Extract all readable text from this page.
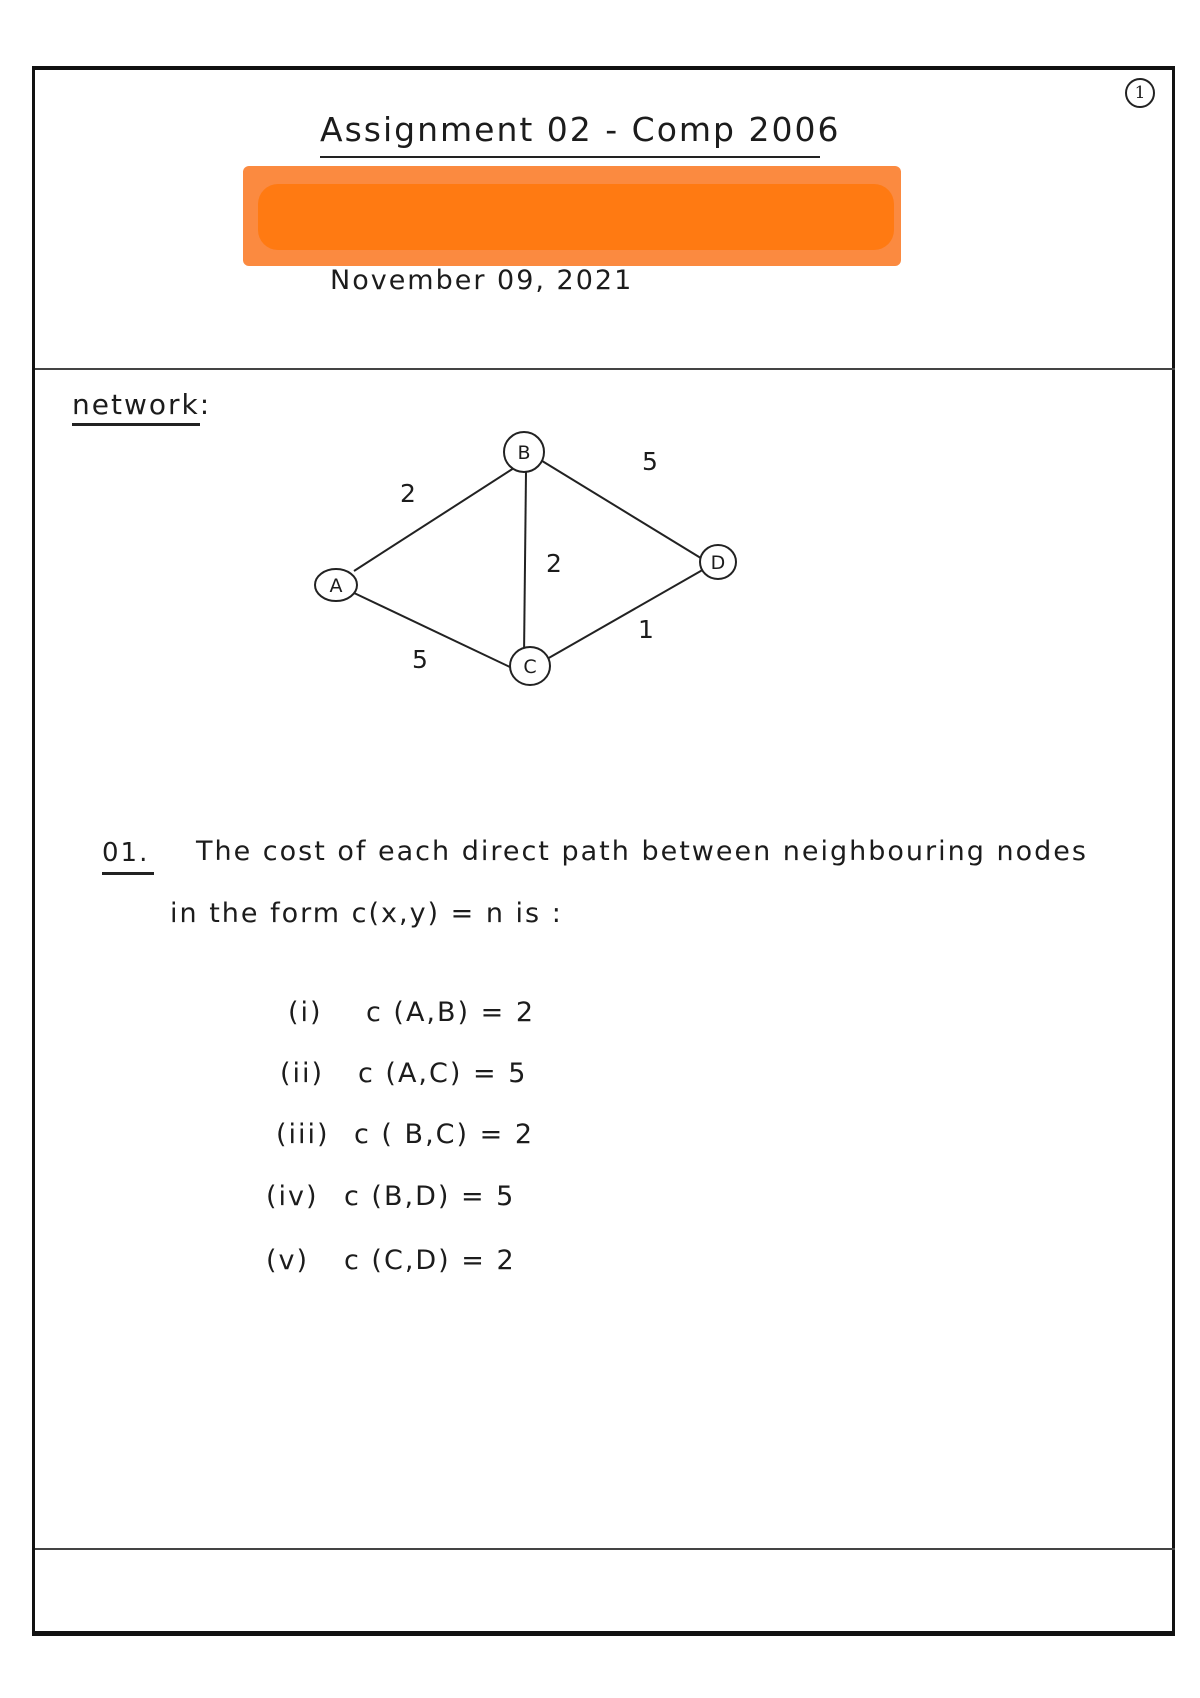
1
Assignment 02 - Comp 2006
November 09, 2021
network:
A
B
C
D
2
5
2
5
1
01. The cost of each direct path between neighbouring nodes
in the form c(x,y) = n is :
(i) c (A,B) = 2
(ii) c (A,C) = 5
(iii) c ( B,C) = 2
(iv) c (B,D) = 5
(v) c (C,D) = 2
